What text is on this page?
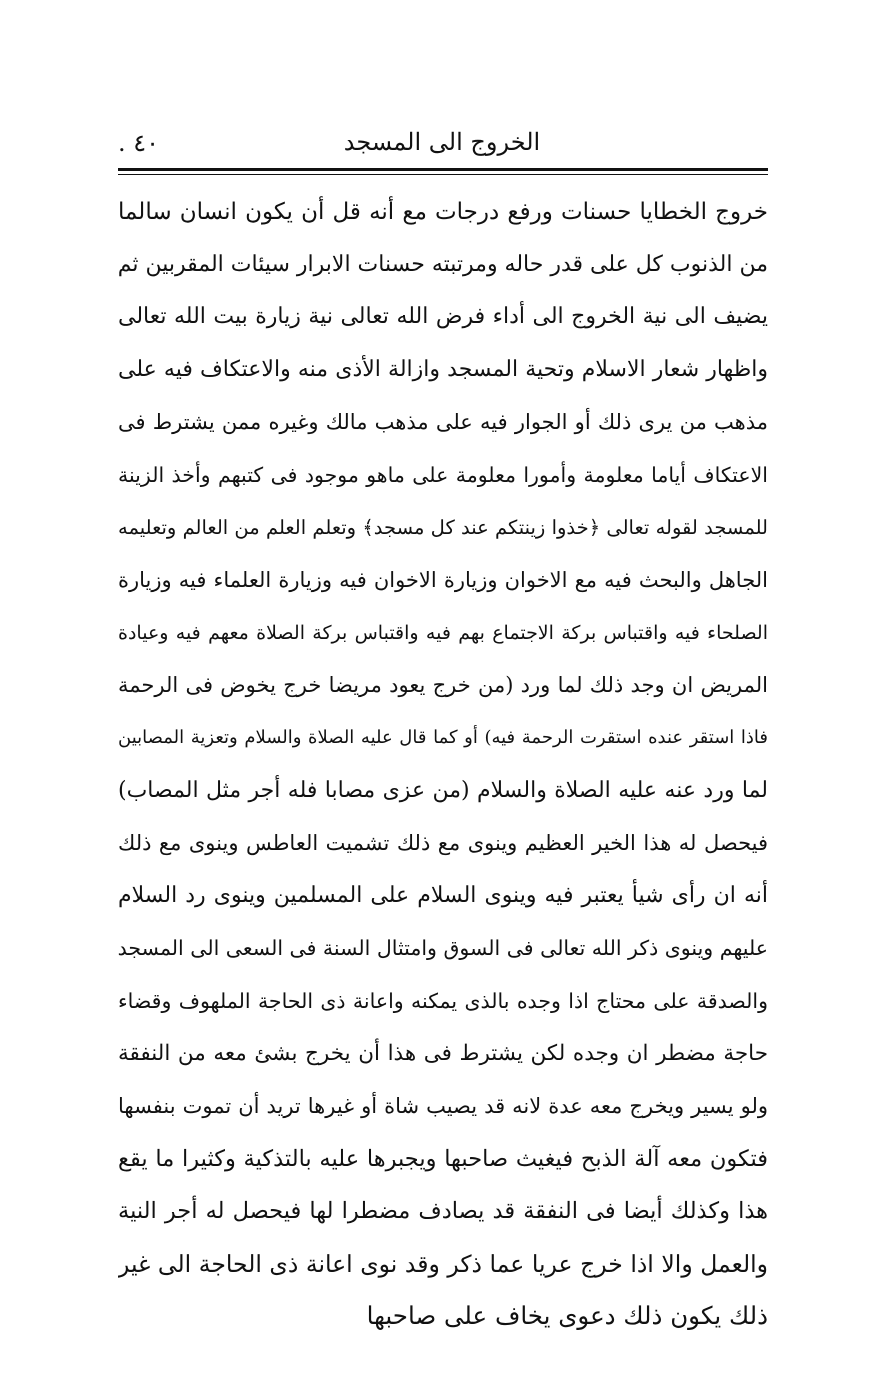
٤٠ .	الخروج الى المسجد
خروج الخطايا حسنات ورفع درجات مع أنه قل أن يكون انسان سالما
من الذنوب كل على قدر حاله ومرتبته حسنات الابرار سيئات المقربين ثم
يضيف الى نية الخروج الى أداء فرض الله تعالى نية زيارة بيت الله تعالى
واظهار شعار الاسلام وتحية المسجد وازالة الأذى منه والاعتكاف فيه على
مذهب من يرى ذلك أو الجوار فيه على مذهب مالك وغيره ممن يشترط فى
الاعتكاف أياما معلومة وأمورا معلومة على ماهو موجود فى كتبهم وأخذ الزينة
للمسجد لقوله تعالى ﴿خذوا زينتكم عند كل مسجد﴾ وتعلم العلم من العالم وتعليمه
الجاهل والبحث فيه مع الاخوان وزيارة الاخوان فيه وزيارة العلماء فيه وزيارة
الصلحاء فيه واقتباس بركة الاجتماع بهم فيه واقتباس بركة الصلاة معهم فيه وعيادة
المريض ان وجد ذلك لما ورد (من خرج يعود مريضا خرج يخوض فى الرحمة
فاذا استقر عنده استقرت الرحمة فيه) أو كما قال عليه الصلاة والسلام وتعزية المصابين
لما ورد عنه عليه الصلاة والسلام (من عزى مصابا فله أجر مثل المصاب)
فيحصل له هذا الخير العظيم وينوى مع ذلك تشميت العاطس وينوى مع ذلك
أنه ان رأى شيأ يعتبر فيه وينوى السلام على المسلمين وينوى رد السلام
عليهم وينوى ذكر الله تعالى فى السوق وامتثال السنة فى السعى الى المسجد
والصدقة على محتاج اذا وجده بالذى يمكنه واعانة ذى الحاجة الملهوف وقضاء
حاجة مضطر ان وجده لكن يشترط فى هذا أن يخرج بشئ معه من النفقة
ولو يسير ويخرج معه عدة لانه قد يصيب شاة أو غيرها تريد أن تموت بنفسها
فتكون معه آلة الذبح فيغيث صاحبها ويجبرها عليه بالتذكية وكثيرا ما يقع
هذا وكذلك أيضا فى النفقة قد يصادف مضطرا لها فيحصل له أجر النية
والعمل والا اذا خرج عريا عما ذكر وقد نوى اعانة ذى الحاجة الى غير
ذلك يكون ذلك دعوى يخاف على صاحبها
